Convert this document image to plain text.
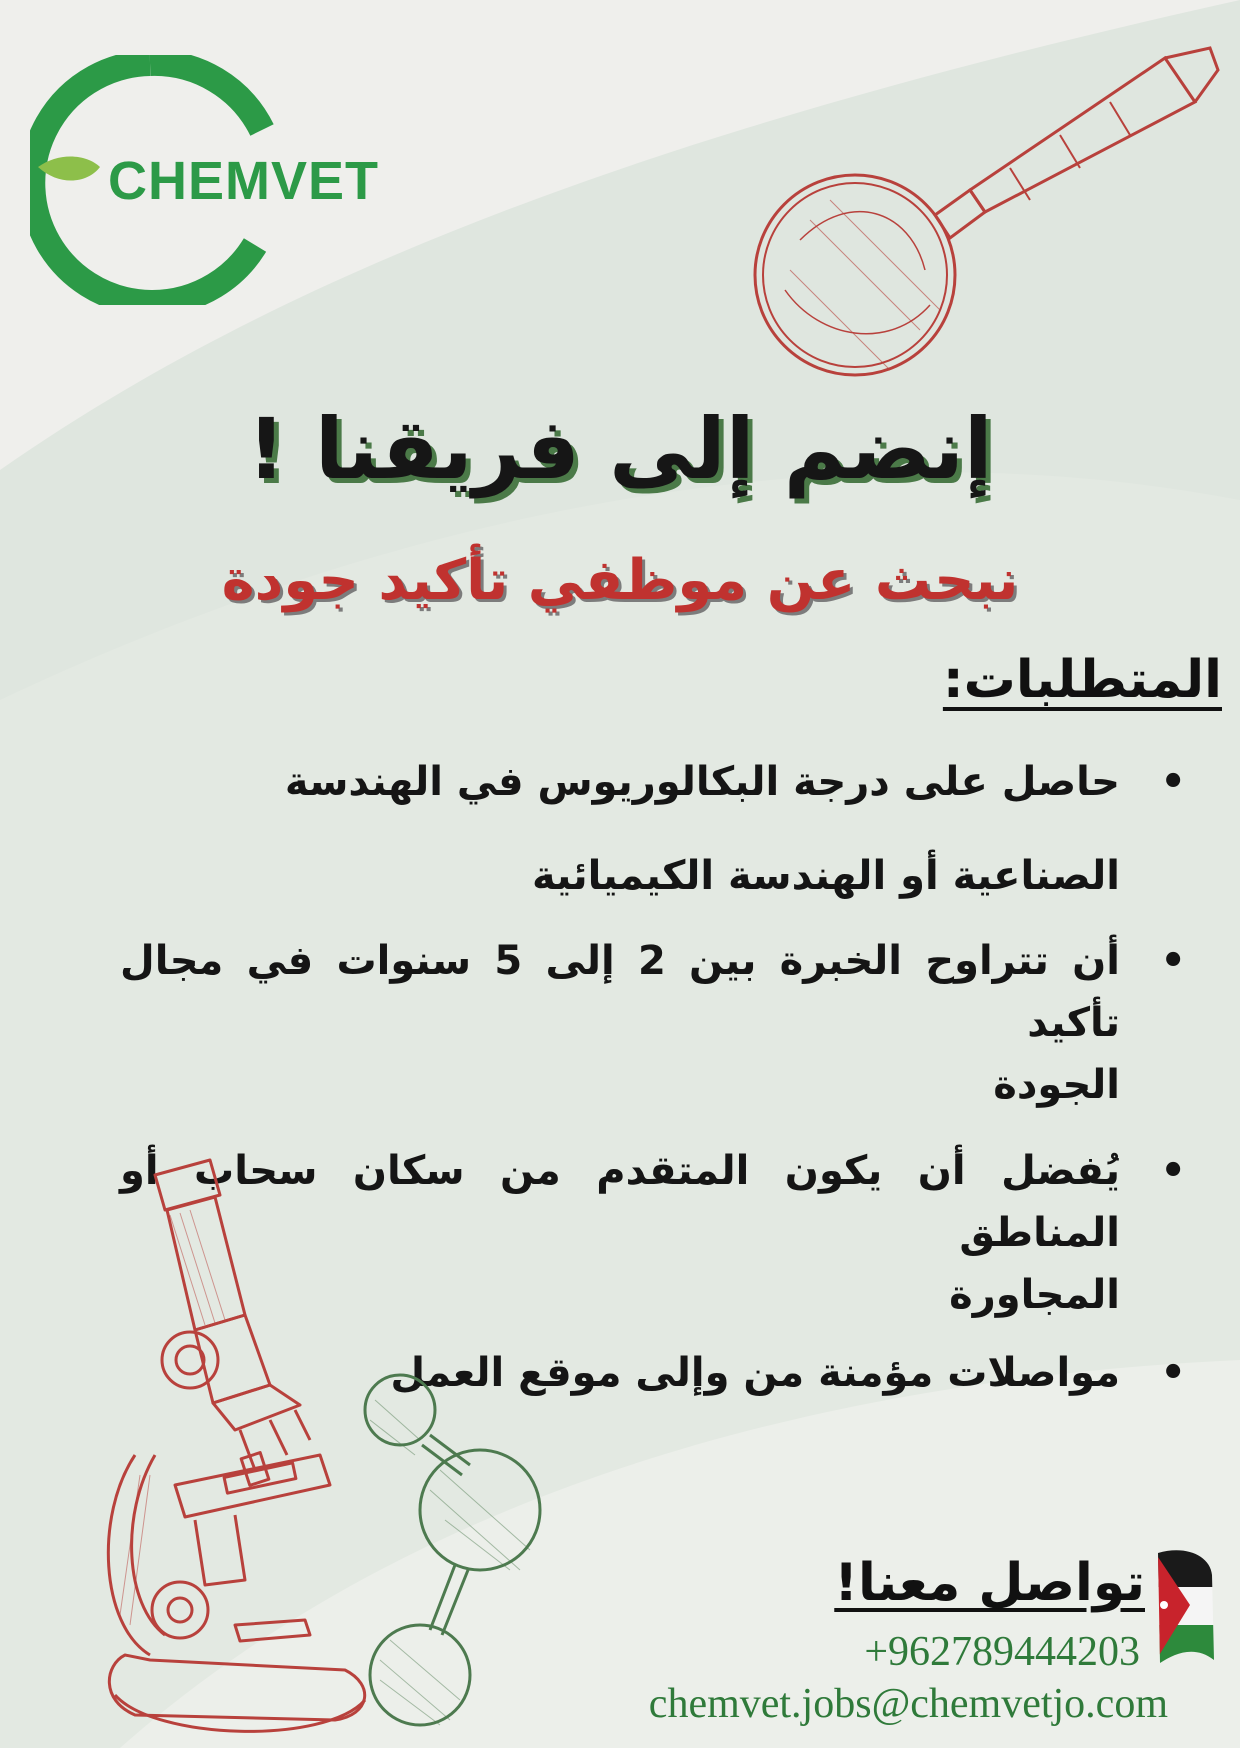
CHEMVET
إنضم إلى فريقنا !
نبحث عن موظفي تأكيد جودة
المتطلبات:
•
حاصل على درجة البكالوريوس في الهندسة
الصناعية أو الهندسة الكيميائية
•
أن تتراوح الخبرة بين 2 إلى 5 سنوات في مجال تأكيد
الجودة
•
يُفضل أن يكون المتقدم من سكان سحاب أو المناطق
المجاورة
•
مواصلات مؤمنة من وإلى موقع العمل
تواصل معنا!
+962789444203
chemvet.jobs@chemvetjo.com
